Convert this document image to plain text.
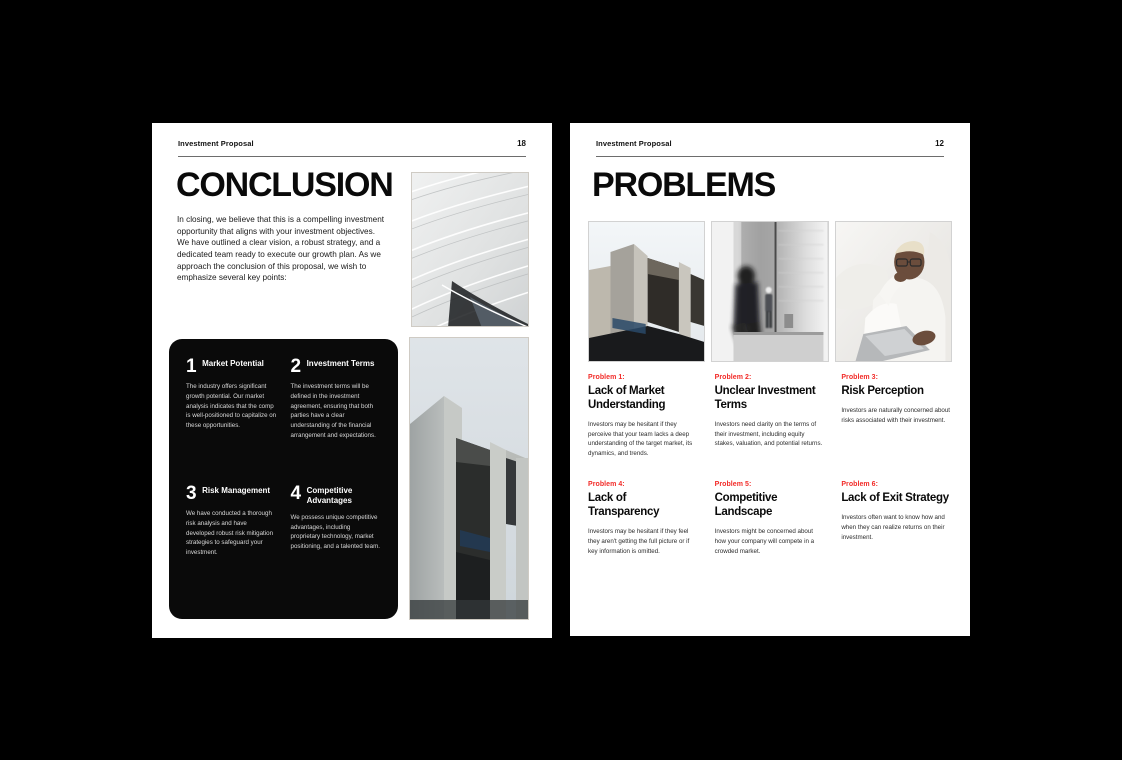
Investment Proposal	18
CONCLUSION
In closing, we believe that this is a compelling investment opportunity that aligns with your investment objectives. We have outlined a clear vision, a robust strategy, and a dedicated team ready to execute our growth plan. As we approach the conclusion of this proposal, we wish to emphasize several key points:
1 Market Potential
The industry offers significant growth potential. Our market analysis indicates that the comp is well-positioned to capitalize on these opportunities.
2 Investment Terms
The investment terms will be defined in the investment agreement, ensuring that both parties have a clear understanding of the financial arrangement and expectations.
3 Risk Management
We have conducted a thorough risk analysis and have developed robust risk mitigation strategies to safeguard your investment.
4 Competitive Advantages
We possess unique competitive advantages, including proprietary technology, market positioning, and a talented team.
Investment Proposal	12
PROBLEMS
Problem 1:
Lack of Market Understanding
Investors may be hesitant if they perceive that your team lacks a deep understanding of the target market, its dynamics, and trends.
Problem 2:
Unclear Investment Terms
Investors need clarity on the terms of their investment, including equity stakes, valuation, and potential returns.
Problem 3:
Risk Perception
Investors are naturally concerned about risks associated with their investment.
Problem 4:
Lack of Transparency
Investors may be hesitant if they feel they aren't getting the full picture or if key information is omitted.
Problem 5:
Competitive Landscape
Investors might be concerned about how your company will compete in a crowded market.
Problem 6:
Lack of Exit Strategy
Investors often want to know how and when they can realize returns on their investment.
